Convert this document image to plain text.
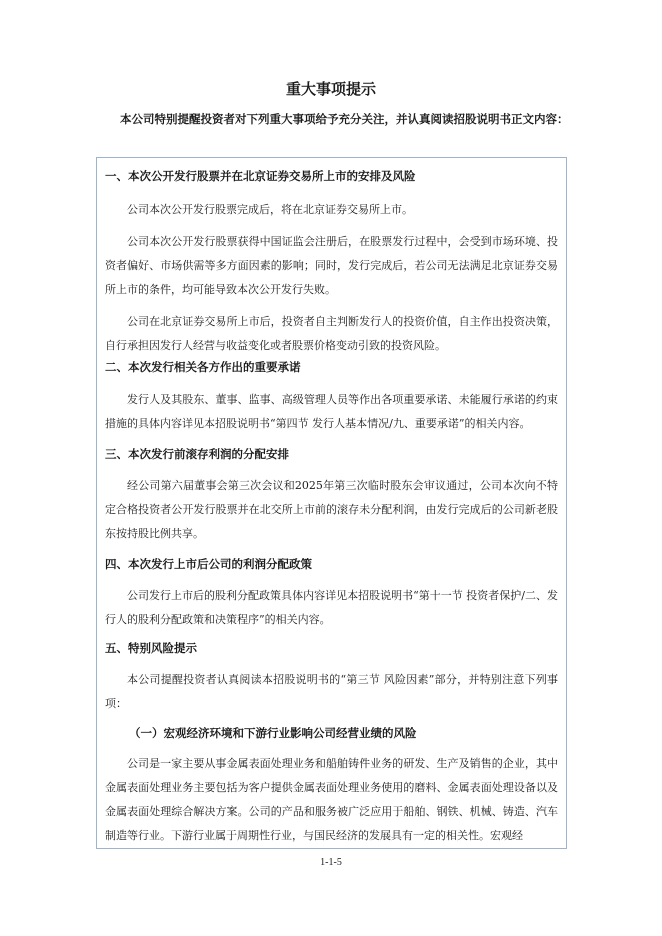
重大事项提示
本公司特别提醒投资者对下列重大事项给予充分关注，并认真阅读招股说明书正文内容：
一、本次公开发行股票并在北京证券交易所上市的安排及风险
公司本次公开发行股票完成后，将在北京证券交易所上市。
公司本次公开发行股票获得中国证监会注册后，在股票发行过程中，会受到市场环境、投资者偏好、市场供需等多方面因素的影响；同时，发行完成后，若公司无法满足北京证券交易所上市的条件，均可能导致本次公开发行失败。
公司在北京证券交易所上市后，投资者自主判断发行人的投资价值，自主作出投资决策，自行承担因发行人经营与收益变化或者股票价格变动引致的投资风险。
二、本次发行相关各方作出的重要承诺
发行人及其股东、董事、监事、高级管理人员等作出各项重要承诺、未能履行承诺的约束措施的具体内容详见本招股说明书“第四节 发行人基本情况/九、重要承诺”的相关内容。
三、本次发行前滚存利润的分配安排
经公司第六届董事会第三次会议和2025年第三次临时股东会审议通过，公司本次向不特定合格投资者公开发行股票并在北交所上市前的滚存未分配利润，由发行完成后的公司新老股东按持股比例共享。
四、本次发行上市后公司的利润分配政策
公司发行上市后的股利分配政策具体内容详见本招股说明书“第十一节 投资者保护/二、发行人的股利分配政策和决策程序”的相关内容。
五、特别风险提示
本公司提醒投资者认真阅读本招股说明书的“第三节 风险因素”部分，并特别注意下列事项：
（一）宏观经济环境和下游行业影响公司经营业绩的风险
公司是一家主要从事金属表面处理业务和船舶铸件业务的研发、生产及销售的企业，其中金属表面处理业务主要包括为客户提供金属表面处理业务使用的磨料、金属表面处理设备以及金属表面处理综合解决方案。公司的产品和服务被广泛应用于船舶、钢铁、机械、铸造、汽车制造等行业。下游行业属于周期性行业，与国民经济的发展具有一定的相关性。宏观经
1-1-5
